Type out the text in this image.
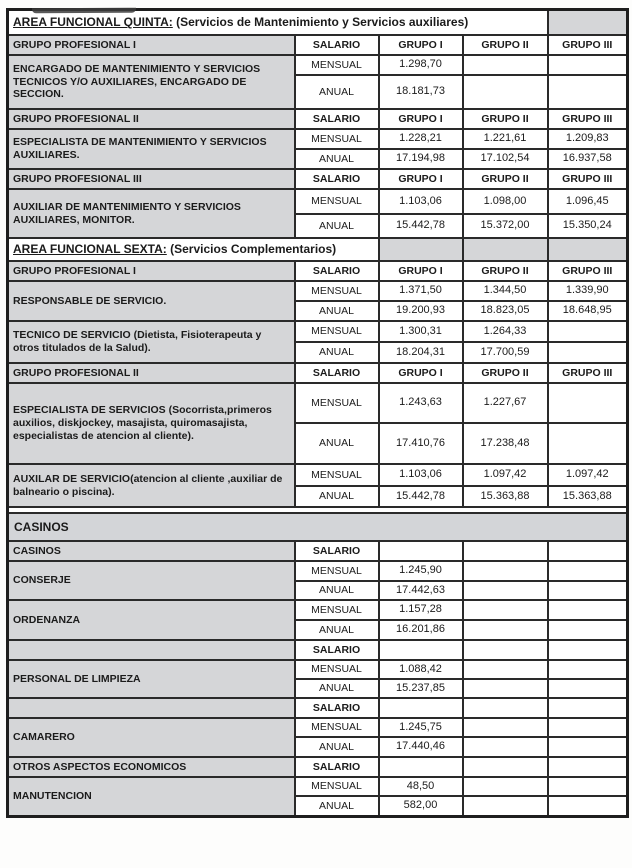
AREA FUNCIONAL QUINTA: (Servicios de Mantenimiento y Servicios auxiliares)				
GRUPO PROFESIONAL I	SALARIO	GRUPO I	GRUPO II	GRUPO III
ENCARGADO DE MANTENIMIENTO Y SERVICIOS TECNICOS Y/O AUXILIARES, ENCARGADO DE SECCION.	MENSUAL	1.298,70		
	ANUAL	18.181,73		
GRUPO PROFESIONAL II	SALARIO	GRUPO I	GRUPO II	GRUPO III
ESPECIALISTA DE MANTENIMIENTO Y SERVICIOS AUXILIARES.	MENSUAL	1.228,21	1.221,61	1.209,83
	ANUAL	17.194,98	17.102,54	16.937,58
GRUPO PROFESIONAL III	SALARIO	GRUPO I	GRUPO II	GRUPO III
AUXILIAR DE MANTENIMIENTO Y SERVICIOS AUXILIARES, MONITOR.	MENSUAL	1.103,06	1.098,00	1.096,45
	ANUAL	15.442,78	15.372,00	15.350,24
AREA FUNCIONAL SEXTA: (Servicios Complementarios)				
GRUPO PROFESIONAL I	SALARIO	GRUPO I	GRUPO II	GRUPO III
RESPONSABLE DE SERVICIO.	MENSUAL	1.371,50	1.344,50	1.339,90
	ANUAL	19.200,93	18.823,05	18.648,95
TECNICO DE SERVICIO (Dietista, Fisioterapeuta y otros titulados de la Salud).	MENSUAL	1.300,31	1.264,33	
	ANUAL	18.204,31	17.700,59	
GRUPO PROFESIONAL II	SALARIO	GRUPO I	GRUPO II	GRUPO III
ESPECIALISTA DE SERVICIOS (Socorrista,primeros auxilios, diskjockey, masajista, quiromasajista, especialistas de atencion al cliente).	MENSUAL	1.243,63	1.227,67	
	ANUAL	17.410,76	17.238,48	
AUXILAR DE SERVICIO(atencion al cliente ,auxiliar de balneario o piscina).	MENSUAL	1.103,06	1.097,42	1.097,42
	ANUAL	15.442,78	15.363,88	15.363,88

CASINOS				
CASINOS	SALARIO			
CONSERJE	MENSUAL	1.245,90		
	ANUAL	17.442,63		
ORDENANZA	MENSUAL	1.157,28		
	ANUAL	16.201,86		
	SALARIO			
PERSONAL DE LIMPIEZA	MENSUAL	1.088,42		
	ANUAL	15.237,85		
	SALARIO			
CAMARERO	MENSUAL	1.245,75		
	ANUAL	17.440,46		
OTROS ASPECTOS ECONOMICOS	SALARIO			
MANUTENCION	MENSUAL	48,50		
	ANUAL	582,00		
